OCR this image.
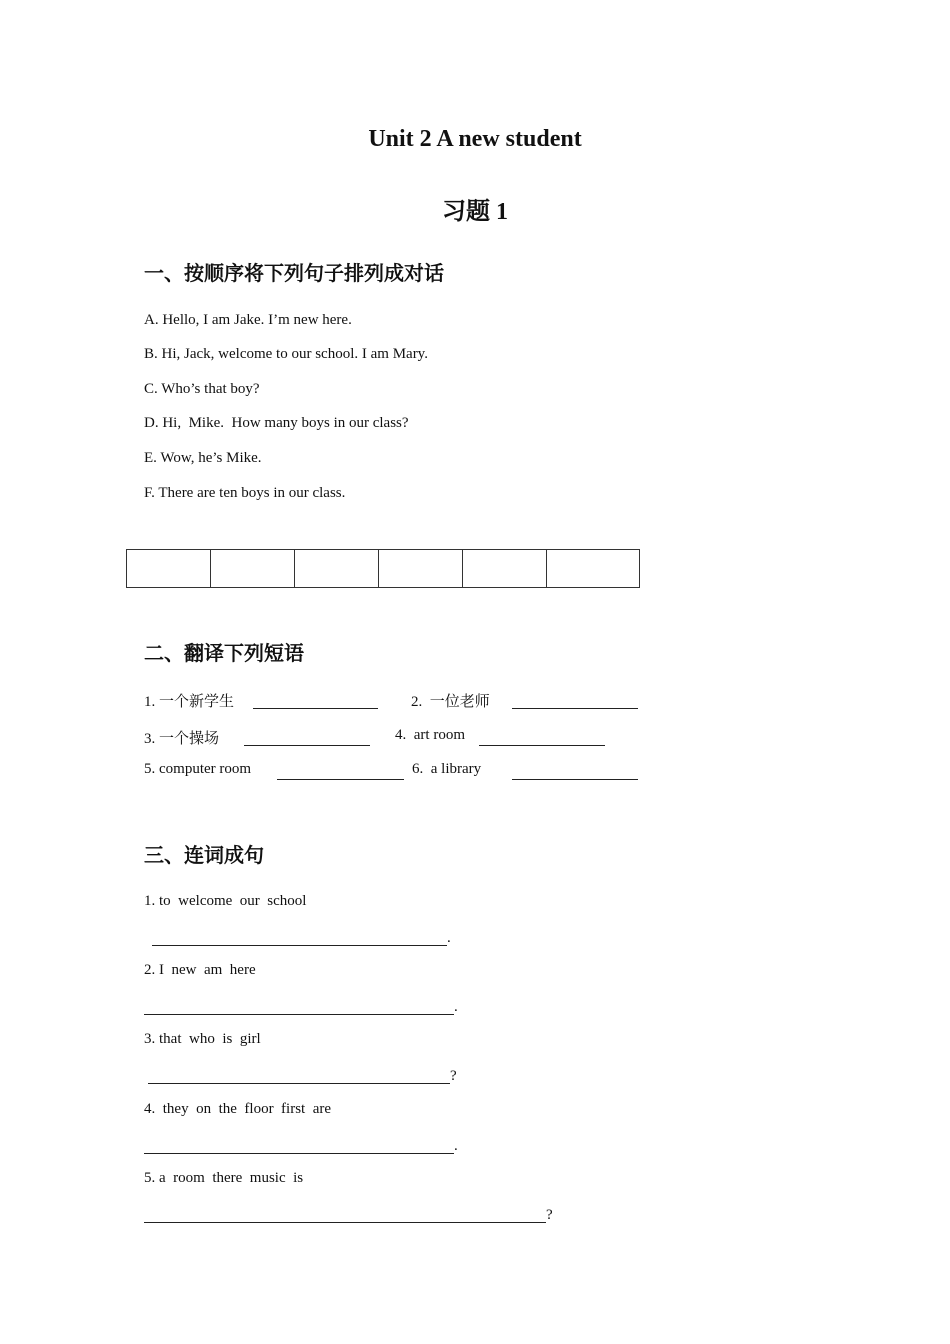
Unit 2 A new student
习题 1
一、按顺序将下列句子排列成对话
A. Hello, I am Jake. I’m new here.
B. Hi, Jack, welcome to our school. I am Mary.
C. Who’s that boy?
D. Hi,  Mike.  How many boys in our class?
E. Wow, he’s Mike.
F. There are ten boys in our class.
二、翻译下列短语
1. 一个新学生	2.  一位老师
3. 一个操场	4.  art room
5. computer room	6.  a library
三、连词成句
1. to  welcome  our  school
.
2. I  new  am  here
.
3. that  who  is  girl
?
4.  they  on  the  floor  first  are
.
5. a  room  there  music  is
?
